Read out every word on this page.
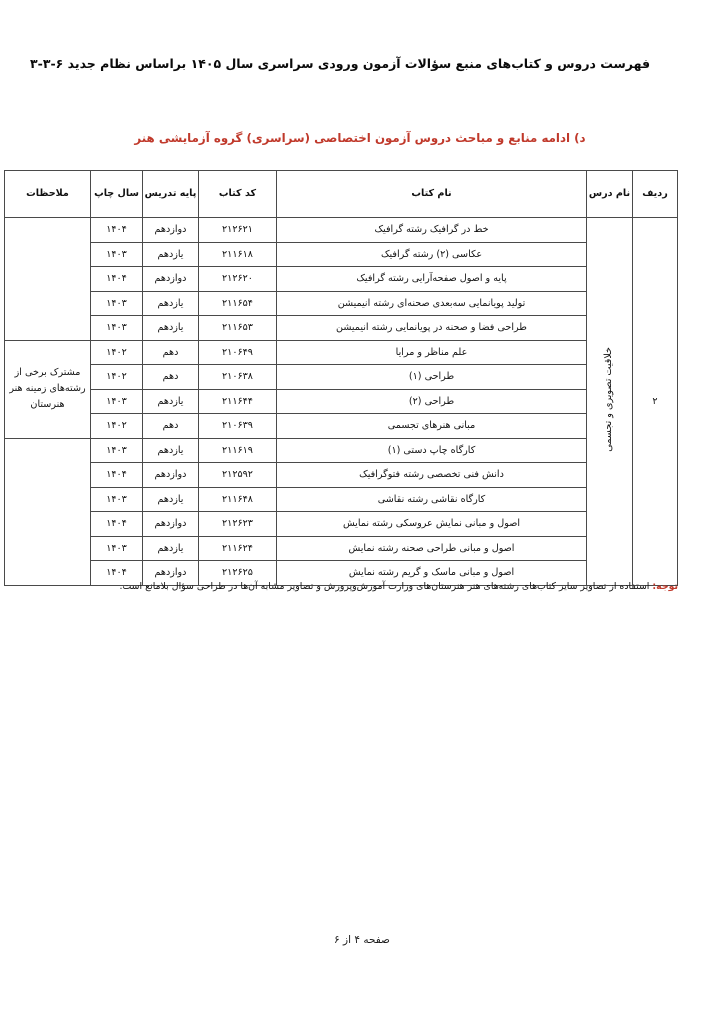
فهرست دروس و کتاب‌های منبع سؤالات آزمون ورودی سراسری سال ۱۴۰۵ براساس نظام جدید ۶-۳-۳
د) ادامه منابع و مباحث دروس آزمون اختصاصی (سراسری) گروه آزمایشی هنر
ردیف	نام درس	نام کتاب	کد کتاب	پایه تدریس	سال چاپ	ملاحظات
۲	خلاقیت تصویری و تجسمی	خط در گرافیک رشته گرافیک	۲۱۲۶۲۱	دوازدهم	۱۴۰۴	
		عکاسی (۲) رشته گرافیک	۲۱۱۶۱۸	یازدهم	۱۴۰۳	
		پایه و اصول صفحه‌آرایی رشته گرافیک	۲۱۲۶۲۰	دوازدهم	۱۴۰۴	
		تولید پویانمایی سه‌بعدی صحنه‌ای رشته انیمیشن	۲۱۱۶۵۴	یازدهم	۱۴۰۳	
		طراحی فضا و صحنه در پویانمایی رشته انیمیشن	۲۱۱۶۵۳	یازدهم	۱۴۰۳	
		علم مناظر و مرایا	۲۱۰۶۴۹	دهم	۱۴۰۲	مشترک برخی از رشته‌های زمینه هنر هنرستان
		طراحی (۱)	۲۱۰۶۳۸	دهم	۱۴۰۲	
		طراحی (۲)	۲۱۱۶۴۴	یازدهم	۱۴۰۳	
		مبانی هنرهای تجسمی	۲۱۰۶۳۹	دهم	۱۴۰۲	
		کارگاه چاپ دستی (۱)	۲۱۱۶۱۹	یازدهم	۱۴۰۳	
		دانش فنی تخصصی رشته فتوگرافیک	۲۱۲۵۹۲	دوازدهم	۱۴۰۴	
		کارگاه نقاشی رشته نقاشی	۲۱۱۶۴۸	یازدهم	۱۴۰۳	
		اصول و مبانی نمایش عروسکی رشته نمایش	۲۱۲۶۲۳	دوازدهم	۱۴۰۴	
		اصول و مبانی طراحی صحنه رشته نمایش	۲۱۱۶۲۴	یازدهم	۱۴۰۳	
		اصول و مبانی ماسک و گریم رشته نمایش	۲۱۲۶۲۵	دوازدهم	۱۴۰۴	
توجه: استفاده از تصاویر سایر کتاب‌های رشته‌های هنر هنرستان‌های وزارت آموزش‌وپرورش و تصاویر مشابه آن‌ها در طراحی سؤال بلامانع است.
صفحه ۴ از ۶
